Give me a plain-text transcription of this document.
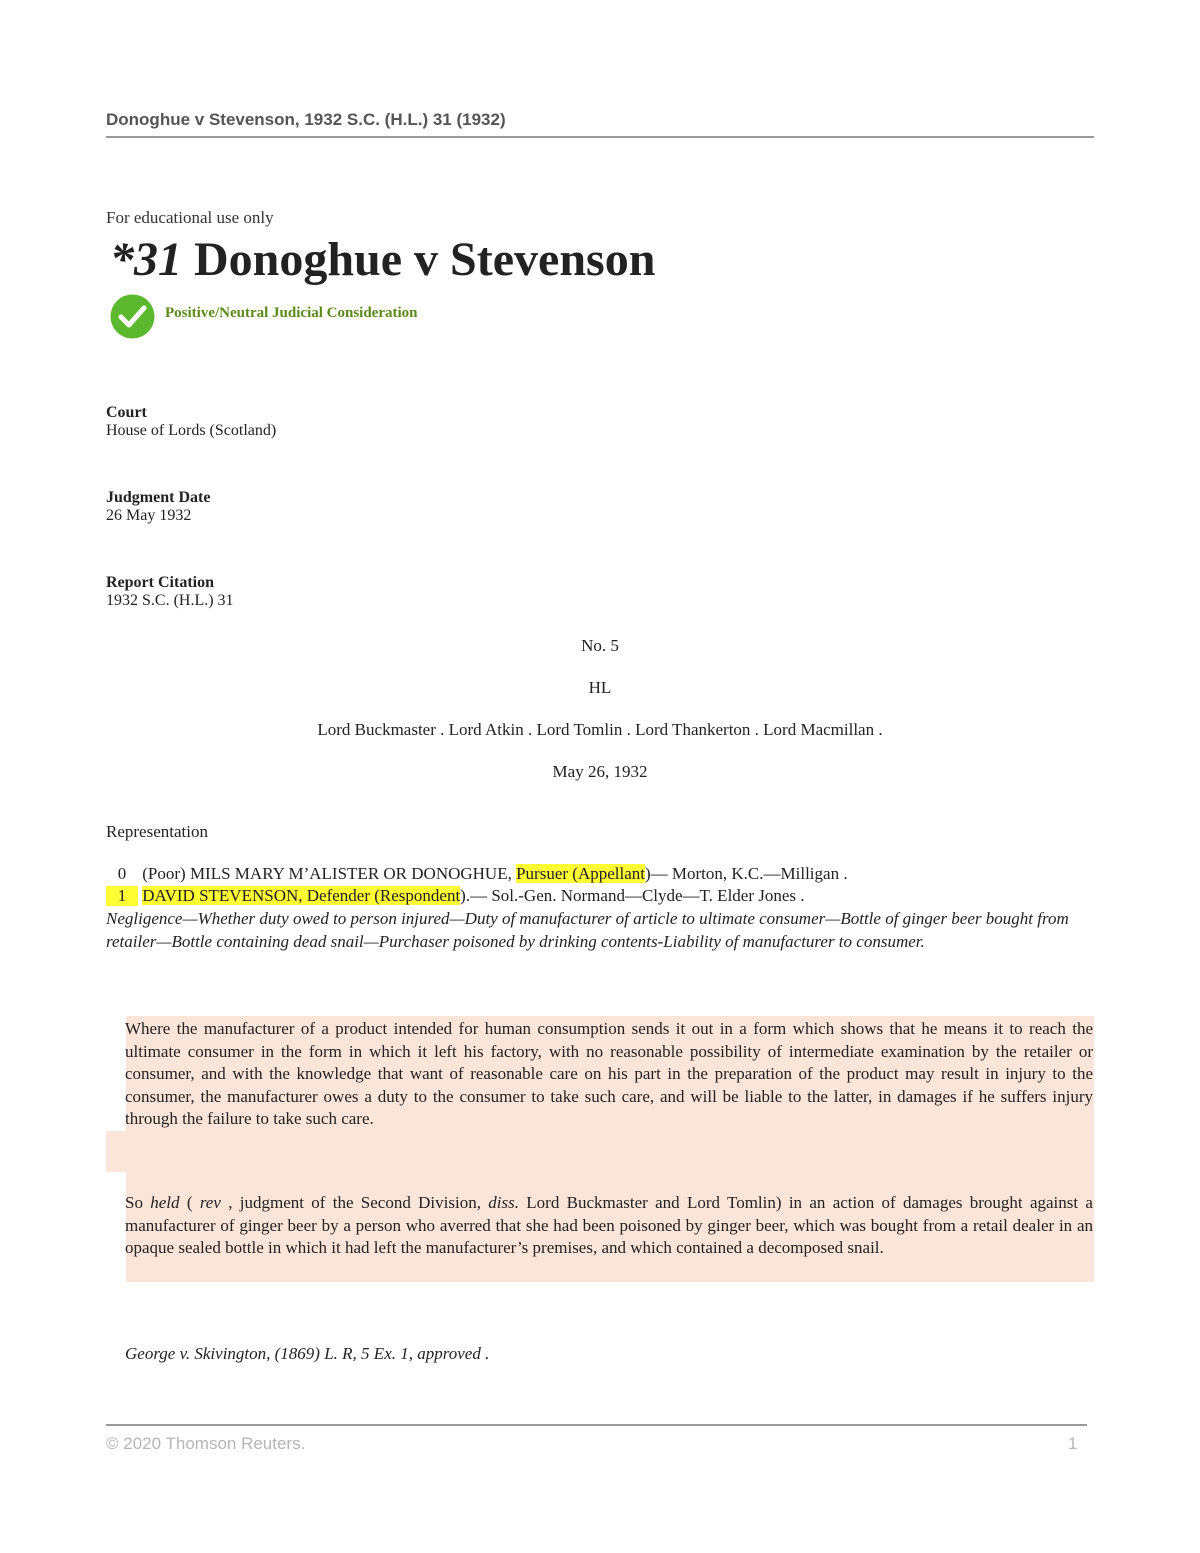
Donoghue v Stevenson, 1932 S.C. (H.L.) 31 (1932)
For educational use only
*31 Donoghue v Stevenson
Positive/Neutral Judicial Consideration
Court
House of Lords (Scotland)
Judgment Date
26 May 1932
Report Citation
1932 S.C. (H.L.) 31
No. 5
HL
Lord Buckmaster . Lord Atkin . Lord Tomlin . Lord Thankerton . Lord Macmillan .
May 26, 1932
Representation
0 (Poor) MILS MARY M’ALISTER OR DONOGHUE, Pursuer (Appellant)— Morton, K.C.—Milligan .
1 DAVID STEVENSON, Defender (Respondent).— Sol.-Gen. Normand—Clyde—T. Elder Jones .
Negligence—Whether duty owed to person injured—Duty of manufacturer of article to ultimate consumer—Bottle of ginger beer bought from retailer—Bottle containing dead snail—Purchaser poisoned by drinking contents-Liability of manufacturer to consumer.
Where the manufacturer of a product intended for human consumption sends it out in a form which shows that he means it to reach the ultimate consumer in the form in which it left his factory, with no reasonable possibility of intermediate examination by the retailer or consumer, and with the knowledge that want of reasonable care on his part in the preparation of the product may result in injury to the consumer, the manufacturer owes a duty to the consumer to take such care, and will be liable to the latter, in damages if he suffers injury through the failure to take such care.
So held ( rev , judgment of the Second Division, diss. Lord Buckmaster and Lord Tomlin) in an action of damages brought against a manufacturer of ginger beer by a person who averred that she had been poisoned by ginger beer, which was bought from a retail dealer in an opaque sealed bottle in which it had left the manufacturer’s premises, and which contained a decomposed snail.
George v. Skivington, (1869) L. R, 5 Ex. 1, approved .
© 2020 Thomson Reuters.	1
